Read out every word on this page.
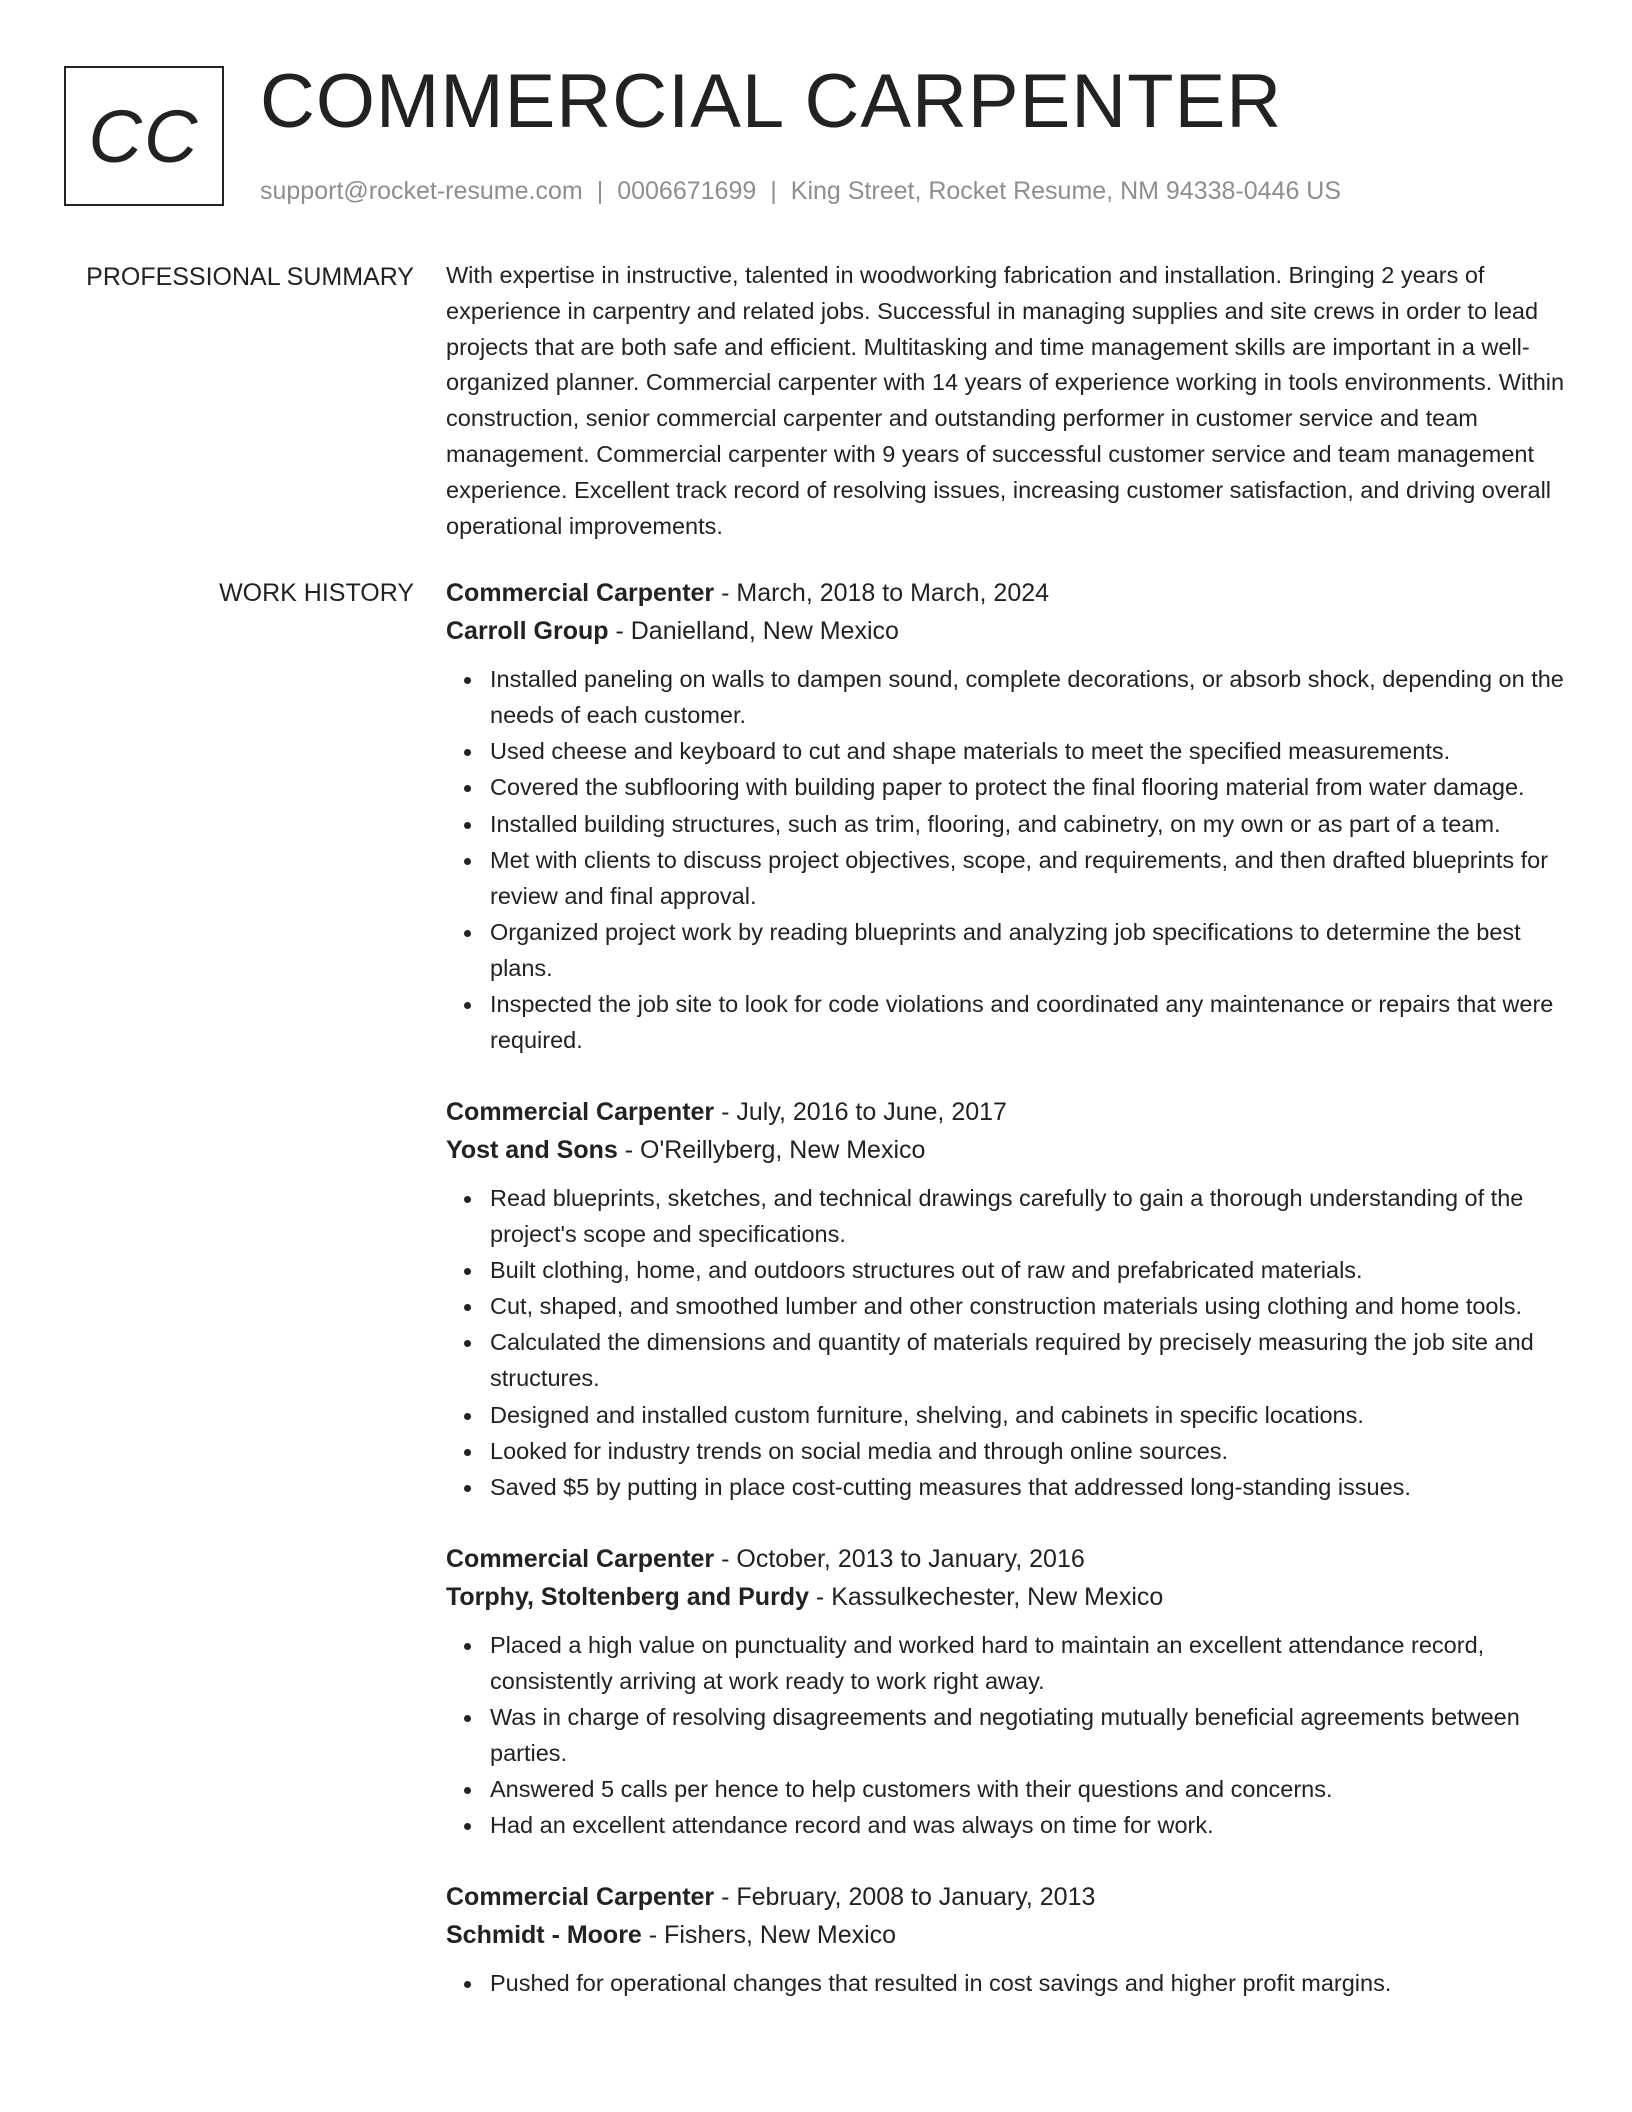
CC COMMERCIAL CARPENTER
support@rocket-resume.com | 0006671699 | King Street, Rocket Resume, NM 94338-0446 US
PROFESSIONAL SUMMARY With expertise in instructive, talented in woodworking fabrication and installation. Bringing 2 years of experience in carpentry and related jobs. Successful in managing supplies and site crews in order to lead projects that are both safe and efficient. Multitasking and time management skills are important in a well-organized planner. Commercial carpenter with 14 years of experience working in tools environments. Within construction, senior commercial carpenter and outstanding performer in customer service and team management. Commercial carpenter with 9 years of successful customer service and team management experience. Excellent track record of resolving issues, increasing customer satisfaction, and driving overall operational improvements.

WORK HISTORY Commercial Carpenter - March, 2018 to March, 2024
Carroll Group - Danielland, New Mexico
Installed paneling on walls to dampen sound, complete decorations, or absorb shock, depending on the needs of each customer.
Used cheese and keyboard to cut and shape materials to meet the specified measurements.
Covered the subflooring with building paper to protect the final flooring material from water damage.
Installed building structures, such as trim, flooring, and cabinetry, on my own or as part of a team.
Met with clients to discuss project objectives, scope, and requirements, and then drafted blueprints for review and final approval.
Organized project work by reading blueprints and analyzing job specifications to determine the best plans.
Inspected the job site to look for code violations and coordinated any maintenance or repairs that were required.
Commercial Carpenter - July, 2016 to June, 2017
Yost and Sons - O'Reillyberg, New Mexico
Read blueprints, sketches, and technical drawings carefully to gain a thorough understanding of the project's scope and specifications.
Built clothing, home, and outdoors structures out of raw and prefabricated materials.
Cut, shaped, and smoothed lumber and other construction materials using clothing and home tools.
Calculated the dimensions and quantity of materials required by precisely measuring the job site and structures.
Designed and installed custom furniture, shelving, and cabinets in specific locations.
Looked for industry trends on social media and through online sources.
Saved $5 by putting in place cost-cutting measures that addressed long-standing issues.
Commercial Carpenter - October, 2013 to January, 2016
Torphy, Stoltenberg and Purdy - Kassulkechester, New Mexico
Placed a high value on punctuality and worked hard to maintain an excellent attendance record, consistently arriving at work ready to work right away.
Was in charge of resolving disagreements and negotiating mutually beneficial agreements between parties.
Answered 5 calls per hence to help customers with their questions and concerns.
Had an excellent attendance record and was always on time for work.
Commercial Carpenter - February, 2008 to January, 2013
Schmidt - Moore - Fishers, New Mexico
Pushed for operational changes that resulted in cost savings and higher profit margins.
